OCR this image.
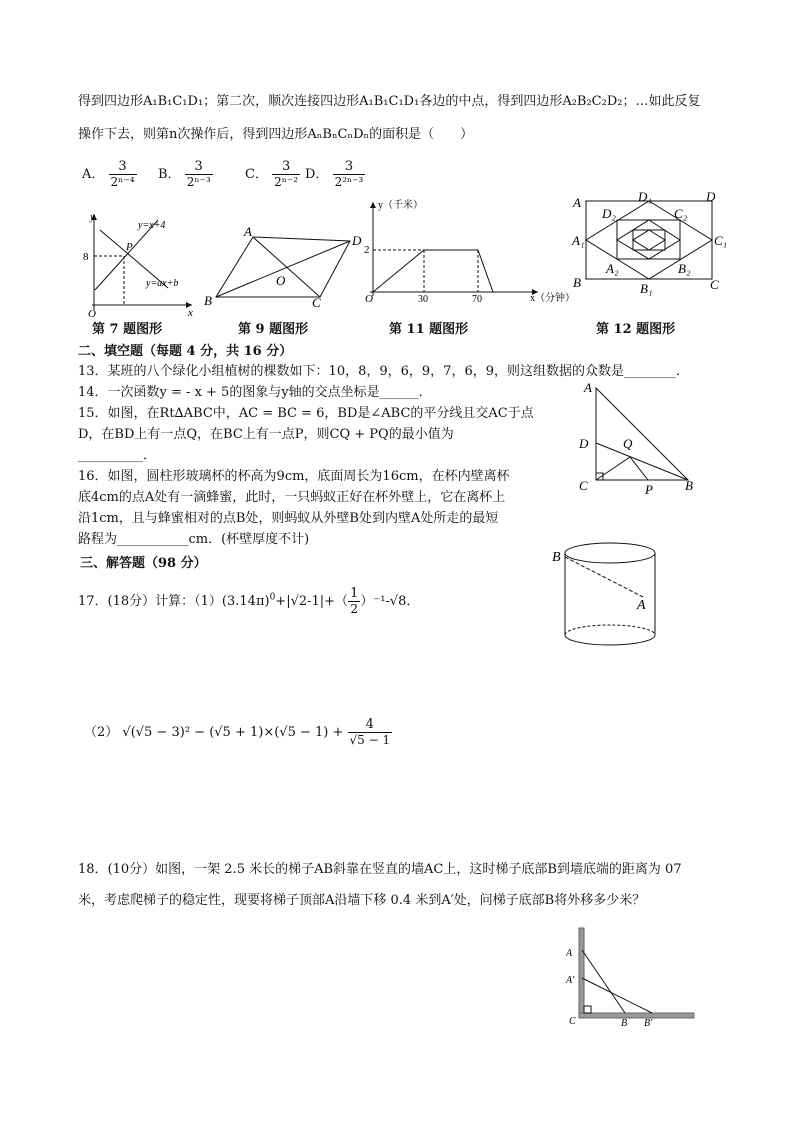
得到四边形A₁B₁C₁D₁；第二次，顺次连接四边形A₁B₁C₁D₁各边的中点，得到四边形A₂B₂C₂D₂；…如此反复
操作下去，则第n次操作后，得到四边形AₙBₙCₙDₙ的面积是（　　）
A． $\frac{3}{\text{2ⁿ⁻⁴}}$ B． $\frac{3}{\text{2ⁿ⁻³}}$ C． $\frac{3}{\text{2ⁿ⁻²}}$ D． $\frac{3}{\text{2²ⁿ⁻³}}$
y
x
O
8
y=x+4
y=ax+b
P
第 7 题图形
A
D
B	C
O
第 9 题图形
y（千米）
x（分钟）
O
2
30	70
第 11 题图形
A	D
B	C
D₁
B₁
A₁	C₁
D₂	C₂
A₂	B₂
第 12 题图形
二、填空题（每题 4 分，共 16 分）
13．某班的八个绿化小组植树的棵数如下：10，8，9，6，9，7，6，9，则这组数据的众数是________．
14．一次函数y = - x + 5的图象与y轴的交点坐标是______．
15．如图，在Rt∆ABC中，AC = BC = 6，BD是∠ABC的平分线且交AC于点
D，在BD上有一点Q，在BC上有一点P，则CQ + PQ的最小值为
__________．
16．如图，圆柱形玻璃杯的杯高为9cm，底面周长为16cm，在杯内壁离杯
底4cm的点A处有一滴蜂蜜，此时，一只蚂蚁正好在杯外壁上，它在离杯上
沿1cm，且与蜂蜜相对的点B处，则蚂蚁从外壁B处到内壁A处所走的最短
路程为___________cm．(杯壁厚度不计)
A
D
C	B
P
Q
B
A
三、解答题（98 分）
17．(18分）计算：$(1)(3.14\pi)^0+|√2-1|+( \frac{1}{2} )^{-1}-√8$．
（2） $√(√5 - 3)^2 - (√5 + 1)\times(√5 - 1) + \frac{4}{√5 - 1}$
18．(10分）如图，一架 2.5 米长的梯子AB斜靠在竖直的墙AC上，这时梯子底部B到墙底端的距离为 07
米，考虑爬梯子的稳定性，现要将梯子顶部A沿墙下移 0.4 米到A′处，问梯子底部B将外移多少米？
A
A′
C	B B′
